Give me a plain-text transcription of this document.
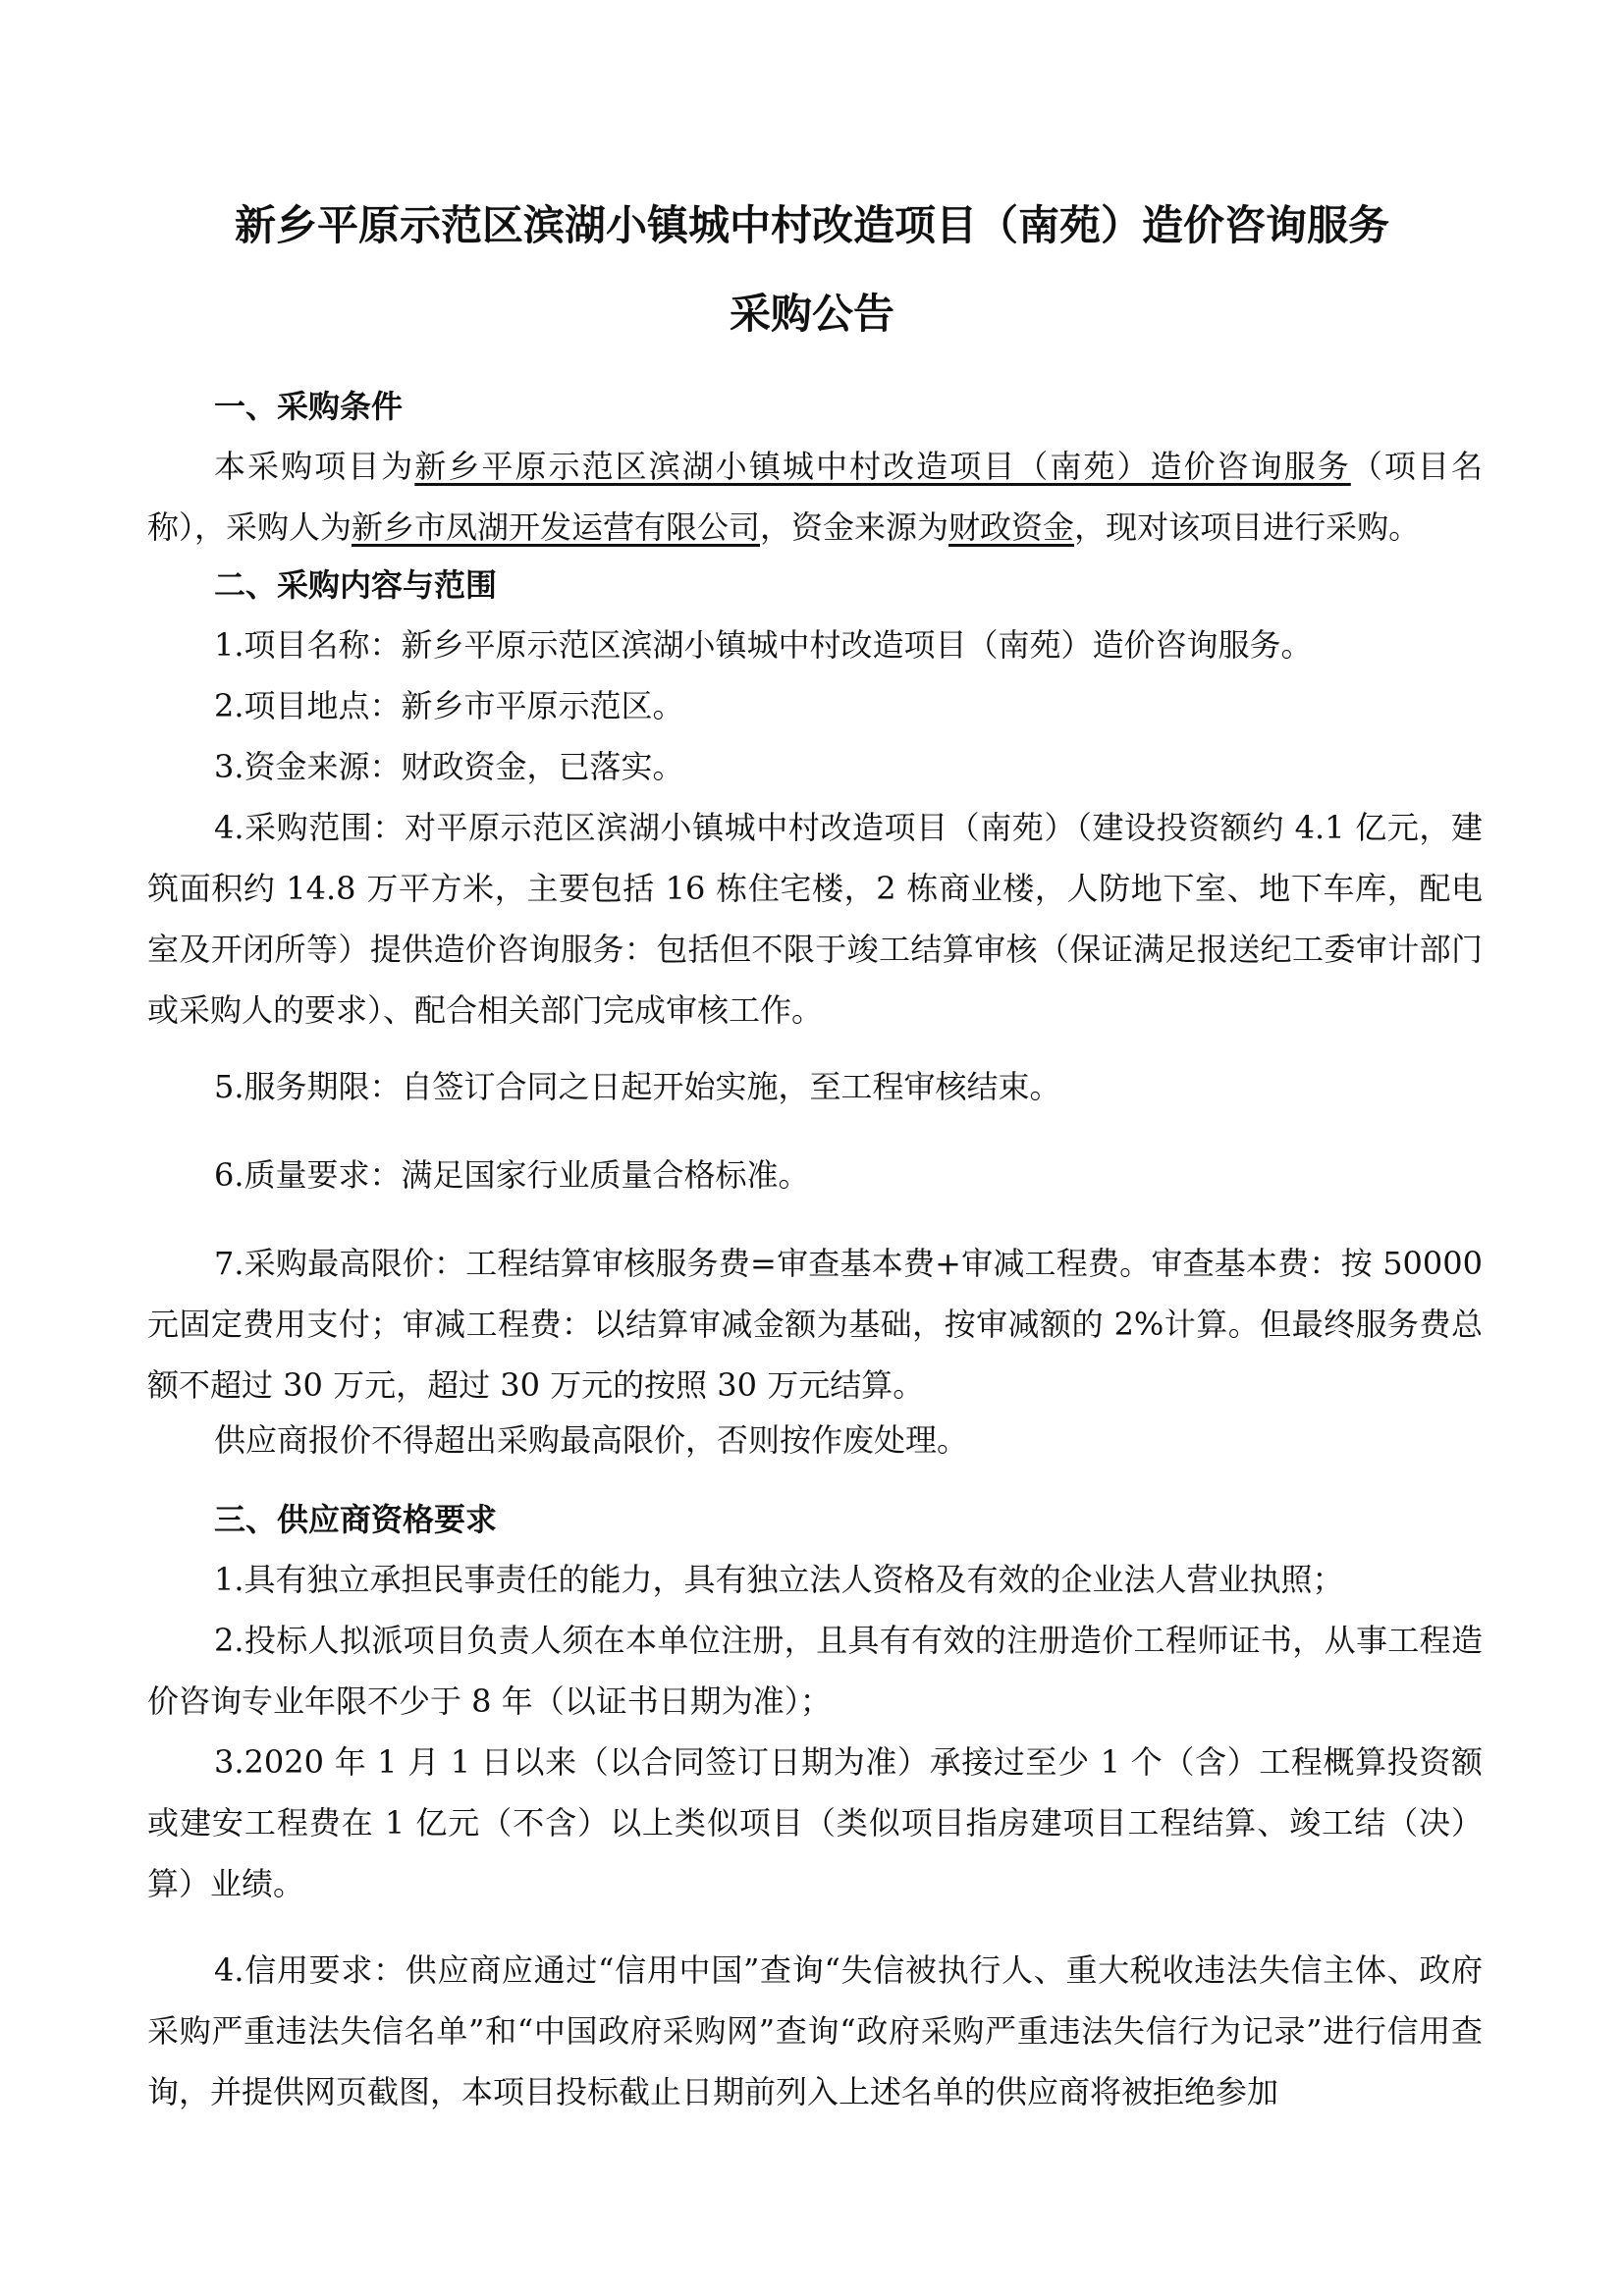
新乡平原示范区滨湖小镇城中村改造项目（南苑）造价咨询服务
采购公告
一、采购条件
本采购项目为新乡平原示范区滨湖小镇城中村改造项目（南苑）造价咨询服务（项目名称），采购人为新乡市凤湖开发运营有限公司，资金来源为财政资金，现对该项目进行采购。
二、采购内容与范围
1.项目名称：新乡平原示范区滨湖小镇城中村改造项目（南苑）造价咨询服务。
2.项目地点：新乡市平原示范区。
3.资金来源：财政资金，已落实。
4.采购范围：对平原示范区滨湖小镇城中村改造项目（南苑）（建设投资额约 4.1 亿元，建筑面积约 14.8 万平方米，主要包括 16 栋住宅楼，2 栋商业楼，人防地下室、地下车库，配电室及开闭所等）提供造价咨询服务：包括但不限于竣工结算审核（保证满足报送纪工委审计部门或采购人的要求）、配合相关部门完成审核工作。
5.服务期限：自签订合同之日起开始实施，至工程审核结束。
6.质量要求：满足国家行业质量合格标准。
7.采购最高限价：工程结算审核服务费=审查基本费+审减工程费。审查基本费：按 50000元固定费用支付；审减工程费：以结算审减金额为基础，按审减额的 2%计算。但最终服务费总额不超过 30 万元，超过 30 万元的按照 30 万元结算。
供应商报价不得超出采购最高限价，否则按作废处理。
三、供应商资格要求
1.具有独立承担民事责任的能力，具有独立法人资格及有效的企业法人营业执照；
2.投标人拟派项目负责人须在本单位注册，且具有有效的注册造价工程师证书，从事工程造价咨询专业年限不少于 8 年（以证书日期为准）；
3.2020 年 1 月 1 日以来（以合同签订日期为准）承接过至少 1 个（含）工程概算投资额或建安工程费在 1 亿元（不含）以上类似项目（类似项目指房建项目工程结算、竣工结（决）算）业绩。
4.信用要求：供应商应通过“信用中国”查询“失信被执行人、重大税收违法失信主体、政府采购严重违法失信名单”和“中国政府采购网”查询“政府采购严重违法失信行为记录”进行信用查询，并提供网页截图，本项目投标截止日期前列入上述名单的供应商将被拒绝参加
